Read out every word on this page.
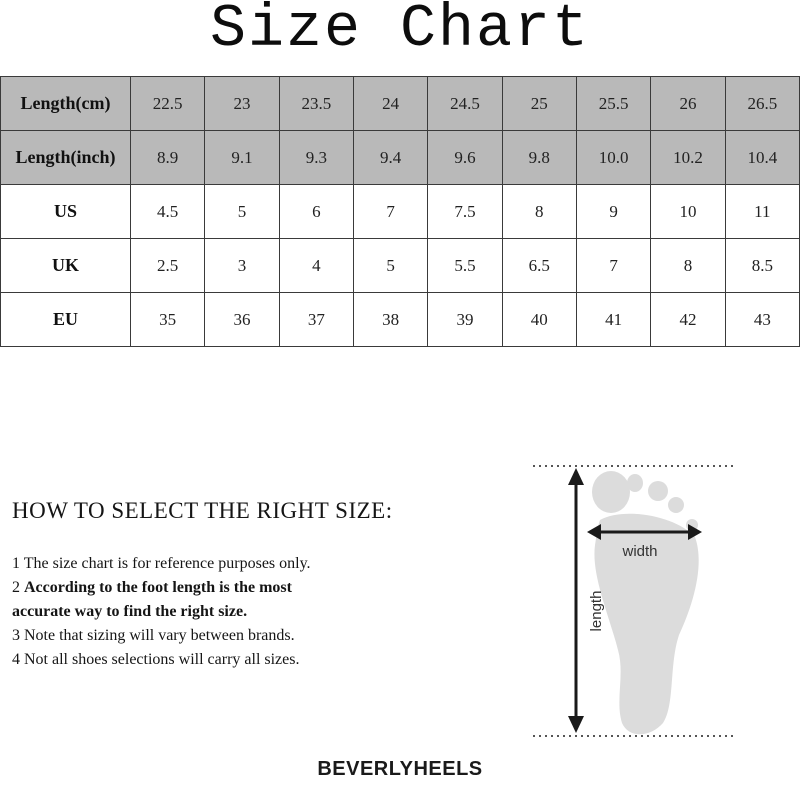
Size Chart
Length(cm)	22.5	23	23.5	24	24.5	25	25.5	26	26.5
Length(inch)	8.9	9.1	9.3	9.4	9.6	9.8	10.0	10.2	10.4
US	4.5	5	6	7	7.5	8	9	10	11
UK	2.5	3	4	5	5.5	6.5	7	8	8.5
EU	35	36	37	38	39	40	41	42	43
HOW TO SELECT THE RIGHT SIZE:
1 The size chart is for reference purposes only.
2 According to the foot length is the most
accurate way to find the right size.
3 Note that sizing will vary between brands.
4 Not all shoes selections will carry all sizes.
width
length
BEVERLYHEELS
